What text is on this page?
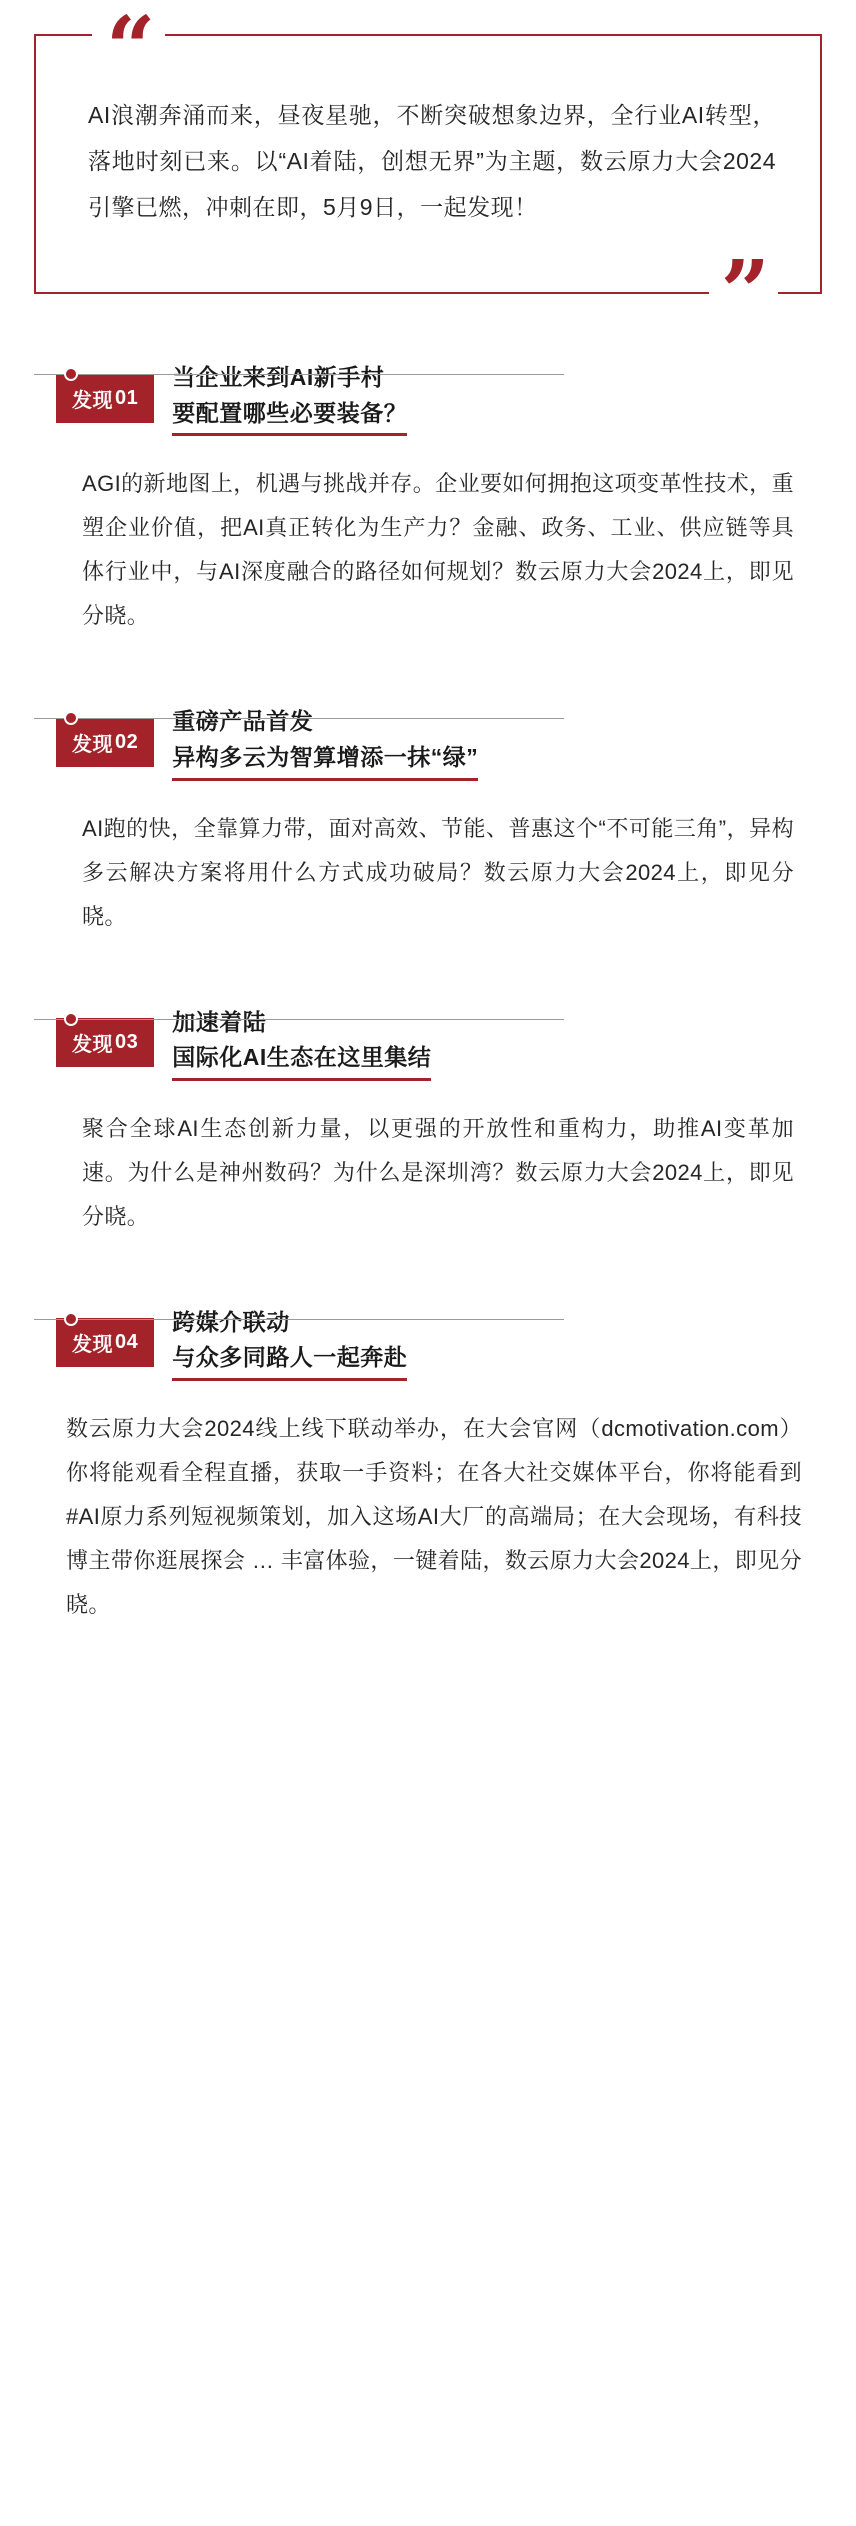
“
AI浪潮奔涌而来，昼夜星驰，不断突破想象边界，全行业AI转型，落地时刻已来。以“AI着陆，创想无界”为主题，数云原力大会2024引擎已燃，冲刺在即，5月9日，一起发现！
”
发现 01
当企业来到AI新手村
要配置哪些必要装备？
AGI的新地图上，机遇与挑战并存。企业要如何拥抱这项变革性技术，重塑企业价值，把AI真正转化为生产力？金融、政务、工业、供应链等具体行业中，与AI深度融合的路径如何规划？数云原力大会2024上，即见分晓。
发现 02
重磅产品首发
异构多云为智算增添一抹“绿”
AI跑的快，全靠算力带，面对高效、节能、普惠这个“不可能三角”，异构多云解决方案将用什么方式成功破局？数云原力大会2024上，即见分晓。
发现 03
加速着陆
国际化AI生态在这里集结
聚合全球AI生态创新力量，以更强的开放性和重构力，助推AI变革加速。为什么是神州数码？为什么是深圳湾？数云原力大会2024上，即见分晓。
发现 04
跨媒介联动
与众多同路人一起奔赴
数云原力大会2024线上线下联动举办，在大会官网（dcmotivation.com）你将能观看全程直播，获取一手资料；在各大社交媒体平台，你将能看到#AI原力系列短视频策划，加入这场AI大厂的高端局；在大会现场，有科技博主带你逛展探会 … 丰富体验，一键着陆，数云原力大会2024上，即见分晓。
